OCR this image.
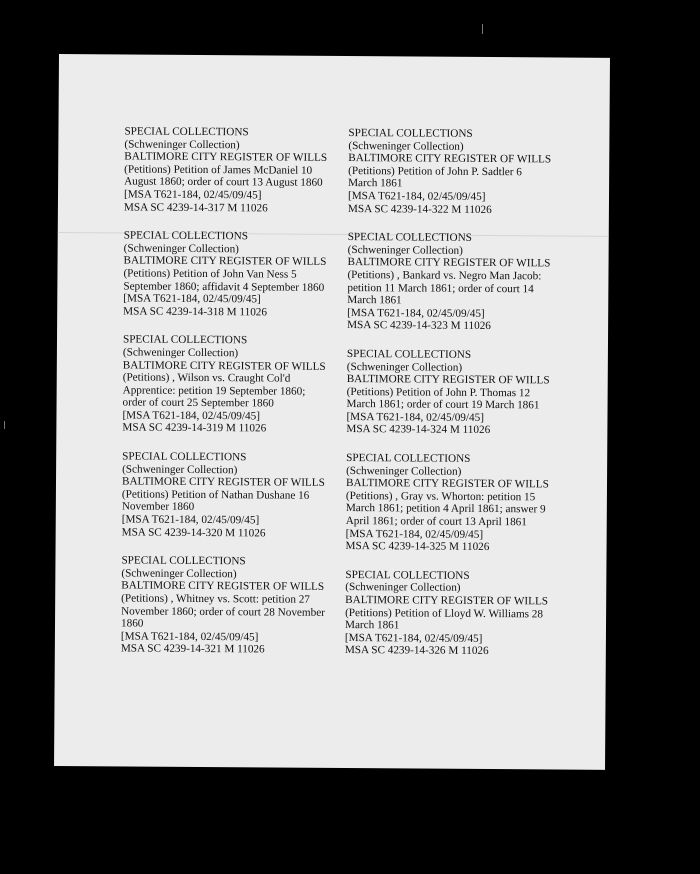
SPECIAL COLLECTIONS
(Schweninger Collection)
BALTIMORE CITY REGISTER OF WILLS
(Petitions) Petition of James McDaniel 10
August 1860; order of court 13 August 1860
[MSA T621-184, 02/45/09/45]
MSA SC 4239-14-317 M 11026
SPECIAL COLLECTIONS
(Schweninger Collection)
BALTIMORE CITY REGISTER OF WILLS
(Petitions) Petition of John Van Ness 5
September 1860; affidavit 4 September 1860
[MSA T621-184, 02/45/09/45]
MSA SC 4239-14-318 M 11026
SPECIAL COLLECTIONS
(Schweninger Collection)
BALTIMORE CITY REGISTER OF WILLS
(Petitions) , Wilson vs. Craught Col'd
Apprentice: petition 19 September 1860;
order of court 25 September 1860
[MSA T621-184, 02/45/09/45]
MSA SC 4239-14-319 M 11026
SPECIAL COLLECTIONS
(Schweninger Collection)
BALTIMORE CITY REGISTER OF WILLS
(Petitions) Petition of Nathan Dushane 16
November 1860
[MSA T621-184, 02/45/09/45]
MSA SC 4239-14-320 M 11026
SPECIAL COLLECTIONS
(Schweninger Collection)
BALTIMORE CITY REGISTER OF WILLS
(Petitions) , Whitney vs. Scott: petition 27
November 1860; order of court 28 November
1860
[MSA T621-184, 02/45/09/45]
MSA SC 4239-14-321 M 11026
SPECIAL COLLECTIONS
(Schweninger Collection)
BALTIMORE CITY REGISTER OF WILLS
(Petitions) Petition of John P. Sadtler 6
March 1861
[MSA T621-184, 02/45/09/45]
MSA SC 4239-14-322 M 11026
SPECIAL COLLECTIONS
(Schweninger Collection)
BALTIMORE CITY REGISTER OF WILLS
(Petitions) , Bankard vs. Negro Man Jacob:
petition 11 March 1861; order of court 14
March 1861
[MSA T621-184, 02/45/09/45]
MSA SC 4239-14-323 M 11026
SPECIAL COLLECTIONS
(Schweninger Collection)
BALTIMORE CITY REGISTER OF WILLS
(Petitions) Petition of John P. Thomas 12
March 1861; order of court 19 March 1861
[MSA T621-184, 02/45/09/45]
MSA SC 4239-14-324 M 11026
SPECIAL COLLECTIONS
(Schweninger Collection)
BALTIMORE CITY REGISTER OF WILLS
(Petitions) , Gray vs. Whorton: petition 15
March 1861; petition 4 April 1861; answer 9
April 1861; order of court 13 April 1861
[MSA T621-184, 02/45/09/45]
MSA SC 4239-14-325 M 11026
SPECIAL COLLECTIONS
(Schweninger Collection)
BALTIMORE CITY REGISTER OF WILLS
(Petitions) Petition of Lloyd W. Williams 28
March 1861
[MSA T621-184, 02/45/09/45]
MSA SC 4239-14-326 M 11026
